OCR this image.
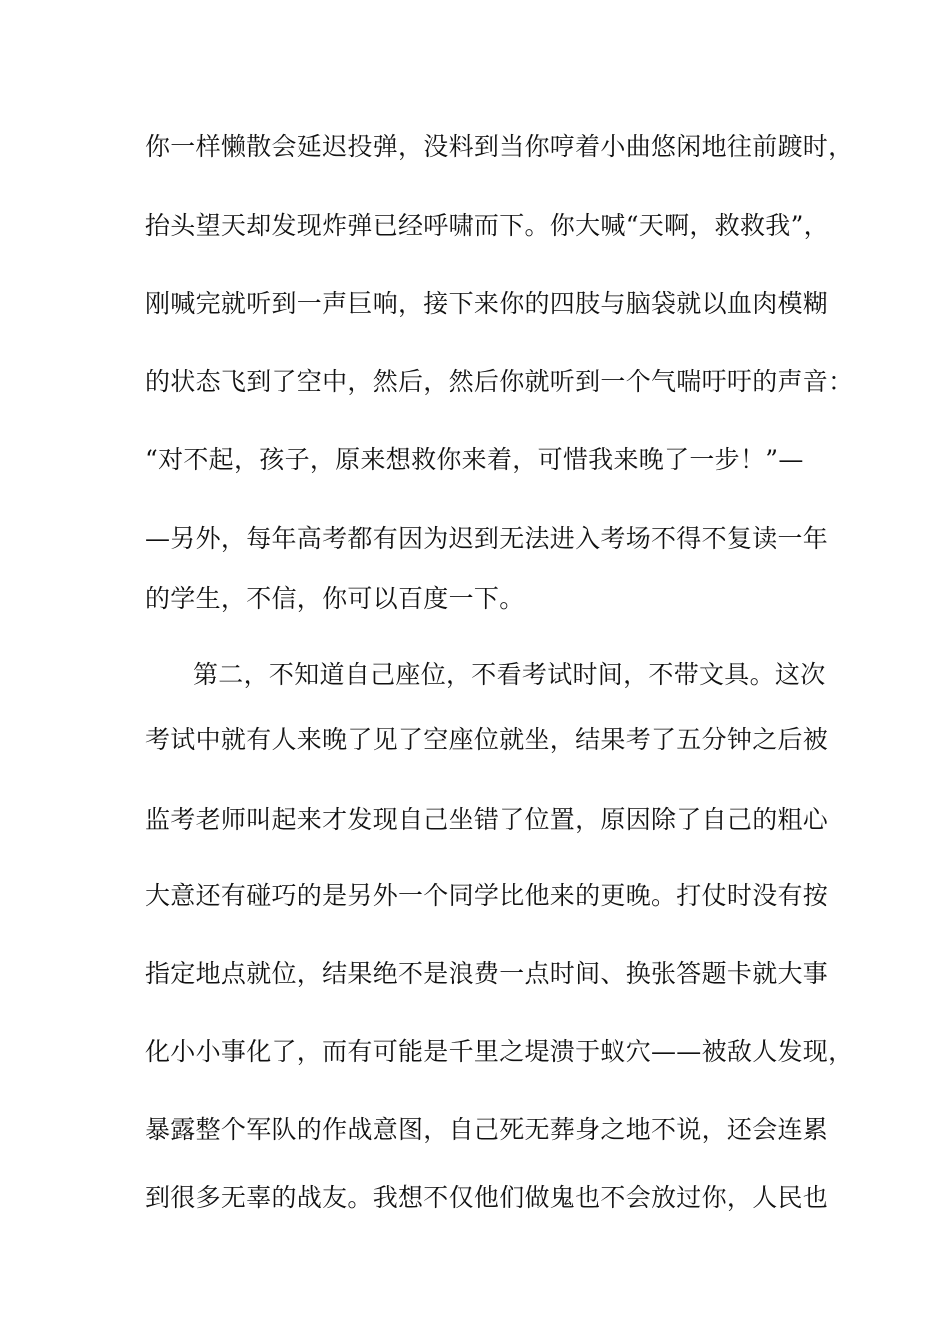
你一样懒散会延迟投弹，没料到当你哼着小曲悠闲地往前踱时，
抬头望天却发现炸弹已经呼啸而下。你大喊“天啊，救救我”，
刚喊完就听到一声巨响，接下来你的四肢与脑袋就以血肉模糊
的状态飞到了空中，然后，然后你就听到一个气喘吁吁的声音：
“对不起，孩子，原来想救你来着，可惜我来晚了一步！”—
—另外，每年高考都有因为迟到无法进入考场不得不复读一年
的学生，不信，你可以百度一下。
第二，不知道自己座位，不看考试时间，不带文具。这次
考试中就有人来晚了见了空座位就坐，结果考了五分钟之后被
监考老师叫起来才发现自己坐错了位置，原因除了自己的粗心
大意还有碰巧的是另外一个同学比他来的更晚。打仗时没有按
指定地点就位，结果绝不是浪费一点时间、换张答题卡就大事
化小小事化了，而有可能是千里之堤溃于蚁穴——被敌人发现，
暴露整个军队的作战意图，自己死无葬身之地不说，还会连累
到很多无辜的战友。我想不仅他们做鬼也不会放过你，人民也
